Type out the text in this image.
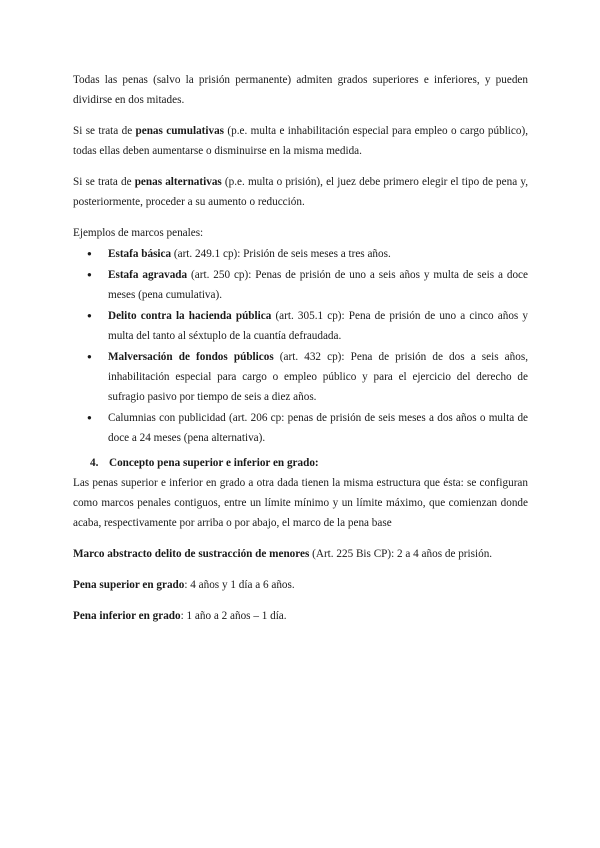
Todas las penas (salvo la prisión permanente) admiten grados superiores e inferiores, y pueden dividirse en dos mitades.

Si se trata de penas cumulativas (p.e. multa e inhabilitación especial para empleo o cargo público), todas ellas deben aumentarse o disminuirse en la misma medida.

Si se trata de penas alternativas (p.e. multa o prisión), el juez debe primero elegir el tipo de pena y, posteriormente, proceder a su aumento o reducción.

Ejemplos de marcos penales:

● Estafa básica (art. 249.1 cp): Prisión de seis meses a tres años.
● Estafa agravada (art. 250 cp): Penas de prisión de uno a seis años y multa de seis a doce meses (pena cumulativa).
● Delito contra la hacienda pública (art. 305.1 cp): Pena de prisión de uno a cinco años y multa del tanto al séxtuplo de la cuantía defraudada.
● Malversación de fondos públicos (art. 432 cp): Pena de prisión de dos a seis años, inhabilitación especial para cargo o empleo público y para el ejercicio del derecho de sufragio pasivo por tiempo de seis a diez años.
● Calumnias con publicidad (art. 206 cp: penas de prisión de seis meses a dos años o multa de doce a 24 meses (pena alternativa).

4. Concepto pena superior e inferior en grado:

Las penas superior e inferior en grado a otra dada tienen la misma estructura que ésta: se configuran como marcos penales contiguos, entre un límite mínimo y un límite máximo, que comienzan donde acaba, respectivamente por arriba o por abajo, el marco de la pena base

Marco abstracto delito de sustracción de menores (Art. 225 Bis CP): 2 a 4 años de prisión.

Pena superior en grado: 4 años y 1 día a 6 años.

Pena inferior en grado: 1 año a 2 años – 1 día.
